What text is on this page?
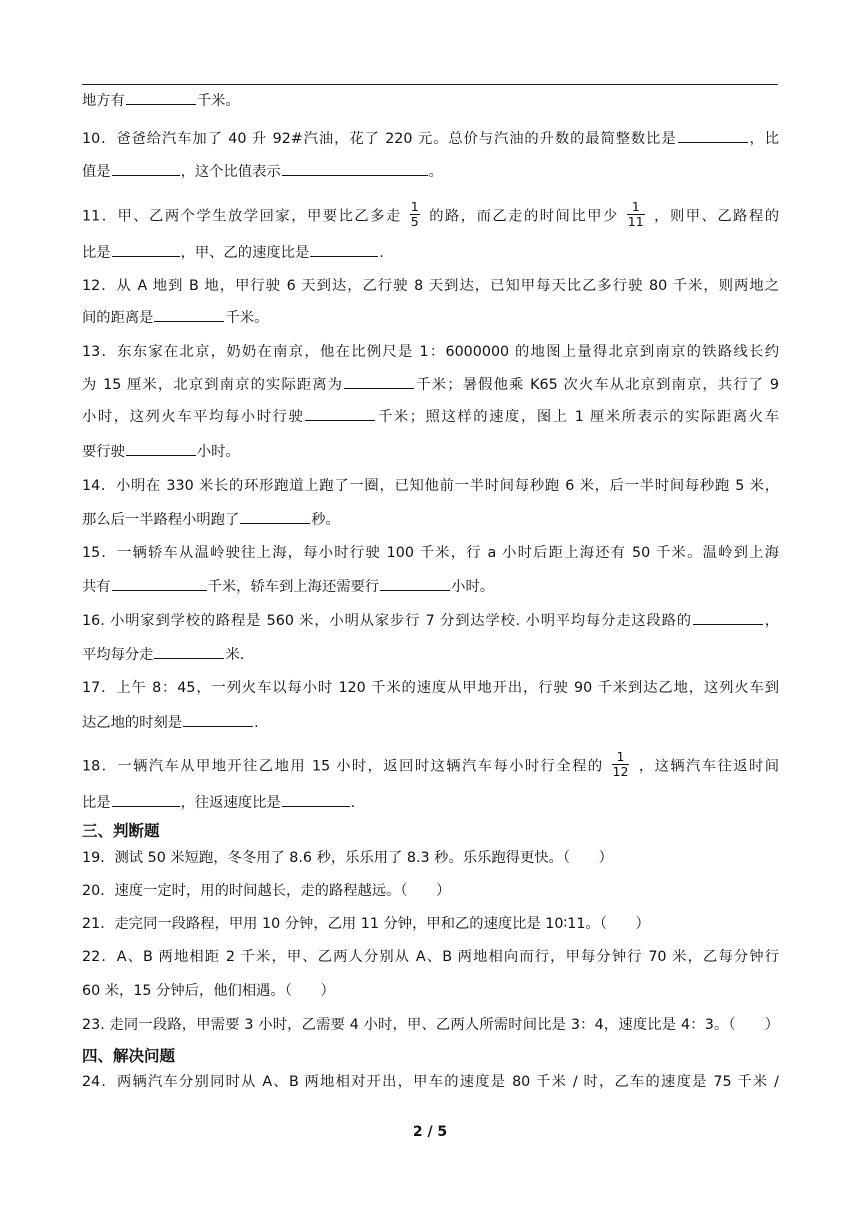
地方有	千米。
10．爸爸给汽车加了 40 升 92#汽油，花了 220 元。总价与汽油的升数的最简整数比是	，比
值是	，这个比值表示	。
11．甲、乙两个学生放学回家，甲要比乙多走 $\frac{1}{5}$ 的路，而乙走的时间比甲少 $\frac{1}{11}$ ，则甲、乙路程的
比是	，甲、乙的速度比是	.
12．从 A 地到 B 地，甲行驶 6 天到达，乙行驶 8 天到达，已知甲每天比乙多行驶 80 千米，则两地之
间的距离是	千米。
13．东东家在北京，奶奶在南京，他在比例尺是 1：6000000 的地图上量得北京到南京的铁路线长约
为 15 厘米，北京到南京的实际距离为	千米；暑假他乘 K65 次火车从北京到南京，共行了 9
小时，这列火车平均每小时行驶	千米；照这样的速度，图上 1 厘米所表示的实际距离火车
要行驶	小时。
14．小明在 330 米长的环形跑道上跑了一圈，已知他前一半时间每秒跑 6 米，后一半时间每秒跑 5 米，
那么后一半路程小明跑了	秒。
15．一辆轿车从温岭驶往上海，每小时行驶 100 千米，行 a 小时后距上海还有 50 千米。温岭到上海
共有	千米，轿车到上海还需要行	小时。
16. 小明家到学校的路程是 560 米，小明从家步行 7 分到达学校. 小明平均每分走这段路的	，
平均每分走	米.
17．上午 8：45，一列火车以每小时 120 千米的速度从甲地开出，行驶 90 千米到达乙地，这列火车到
达乙地的时刻是	.
18．一辆汽车从甲地开往乙地用 15 小时，返回时这辆汽车每小时行全程的 $\frac{1}{12}$ ，这辆汽车往返时间
比是	，往返速度比是	.
三、判断题
19．测试 50 米短跑，冬冬用了 8.6 秒，乐乐用了 8.3 秒。乐乐跑得更快。（　　）
20．速度一定时，用的时间越长，走的路程越远。（　　）
21．走完同一段路程，甲用 10 分钟，乙用 11 分钟，甲和乙的速度比是 10∶11。（　　）
22．A、B 两地相距 2 千米，甲、乙两人分别从 A、B 两地相向而行，甲每分钟行 70 米，乙每分钟行
60 米，15 分钟后，他们相遇。（　　）
23. 走同一段路，甲需要 3 小时，乙需要 4 小时，甲、乙两人所需时间比是 3：4，速度比是 4：3。（　　）
四、解决问题
24．两辆汽车分别同时从 A、B 两地相对开出，甲车的速度是 80 千米 / 时，乙车的速度是 75 千米 /
2 / 5
